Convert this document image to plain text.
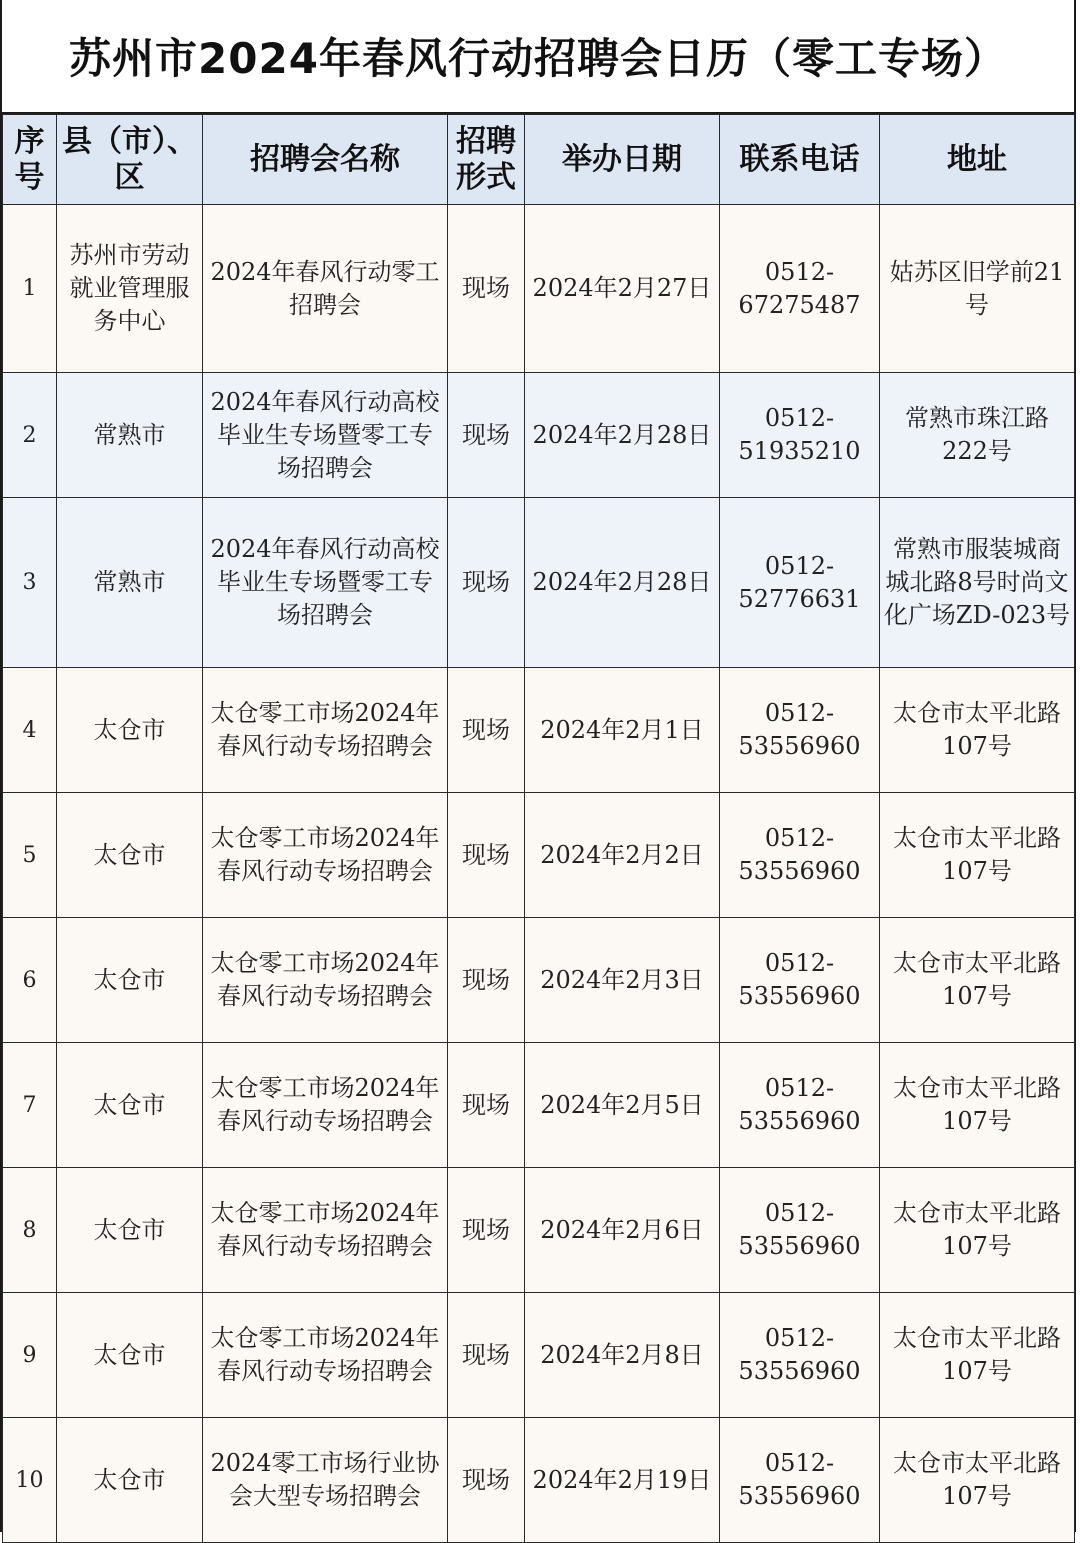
苏州市2024年春风行动招聘会日历（零工专场）
序号	县（市）、区	招聘会名称	招聘形式	举办日期	联系电话	地址
1	苏州市劳动就业管理服务中心	2024年春风行动零工招聘会	现场	2024年2月27日	0512-67275487	姑苏区旧学前21号
2	常熟市	2024年春风行动高校毕业生专场暨零工专场招聘会	现场	2024年2月28日	0512-51935210	常熟市珠江路222号
3	常熟市	2024年春风行动高校毕业生专场暨零工专场招聘会	现场	2024年2月28日	0512-52776631	常熟市服装城商城北路8号时尚文化广场ZD-023号
4	太仓市	太仓零工市场2024年春风行动专场招聘会	现场	2024年2月1日	0512-53556960	太仓市太平北路107号
5	太仓市	太仓零工市场2024年春风行动专场招聘会	现场	2024年2月2日	0512-53556960	太仓市太平北路107号
6	太仓市	太仓零工市场2024年春风行动专场招聘会	现场	2024年2月3日	0512-53556960	太仓市太平北路107号
7	太仓市	太仓零工市场2024年春风行动专场招聘会	现场	2024年2月5日	0512-53556960	太仓市太平北路107号
8	太仓市	太仓零工市场2024年春风行动专场招聘会	现场	2024年2月6日	0512-53556960	太仓市太平北路107号
9	太仓市	太仓零工市场2024年春风行动专场招聘会	现场	2024年2月8日	0512-53556960	太仓市太平北路107号
10	太仓市	2024零工市场行业协会大型专场招聘会	现场	2024年2月19日	0512-53556960	太仓市太平北路107号
